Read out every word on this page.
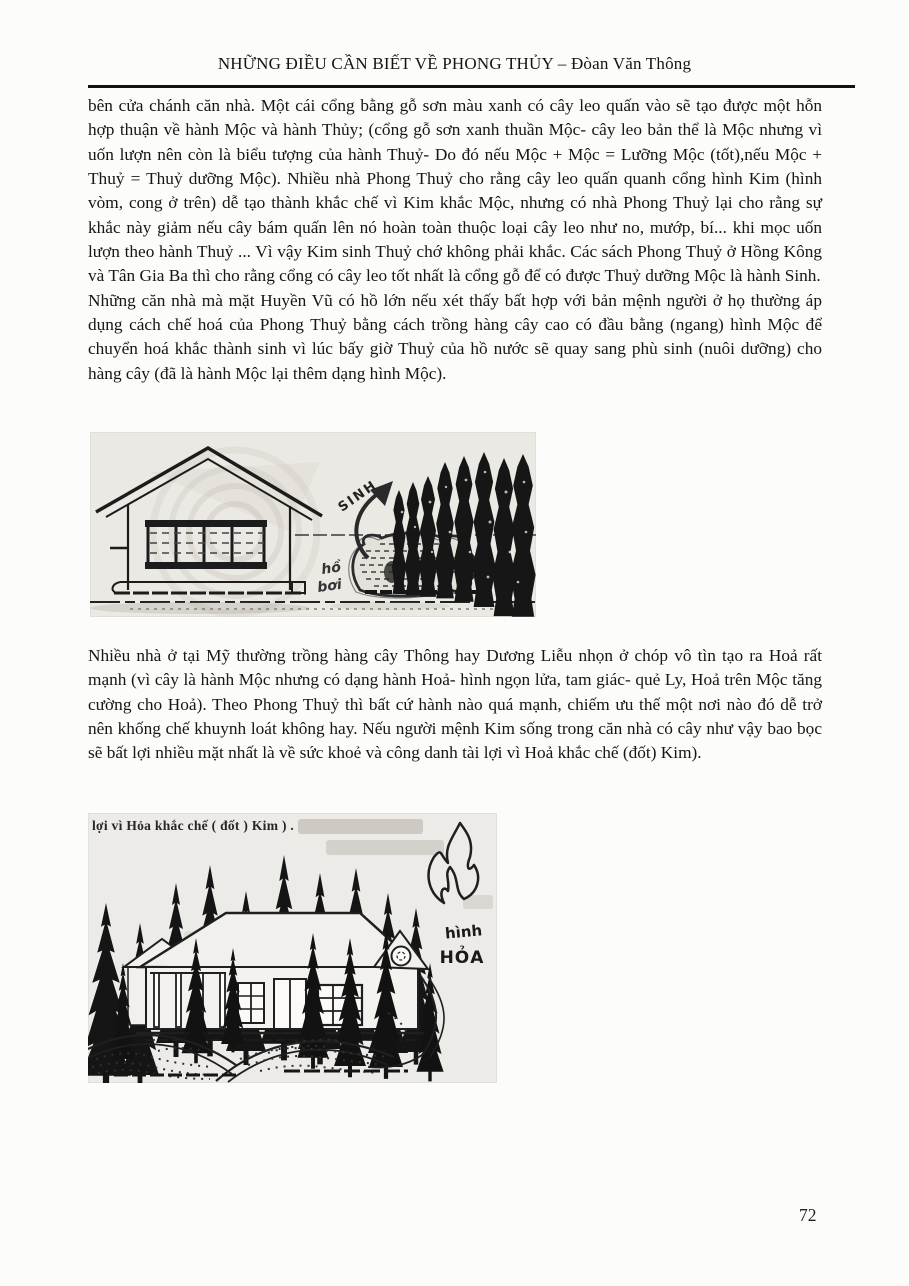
NHỮNG ĐIỀU CẦN BIẾT VỀ PHONG THỦY – Đòan Văn Thông

bên cửa chánh căn nhà. Một cái cổng bằng gỗ sơn màu xanh có cây leo quấn vào sẽ tạo được một hỗn hợp thuận về hành Mộc và hành Thủy; (cổng gỗ sơn xanh thuần Mộc- cây leo bản thể là Mộc nhưng vì uốn lượn nên còn là biểu tượng của hành Thuỷ- Do đó nếu Mộc + Mộc = Lưỡng Mộc (tốt),nếu Mộc + Thuỷ = Thuỷ dưỡng Mộc). Nhiều nhà Phong Thuỷ cho rằng cây leo quấn quanh cổng hình Kim (hình vòm, cong ở trên) dễ tạo thành khắc chế vì Kim khắc Mộc, nhưng có nhà Phong Thuỷ lại cho rằng sự khắc này giảm nếu cây bám quấn lên nó hoàn toàn thuộc loại cây leo như no, mướp, bí... khi mọc uốn lượn theo hành Thuỷ ... Vì vậy Kim sinh Thuỷ chớ không phải khắc. Các sách Phong Thuỷ ở Hồng Kông và Tân Gia Ba thì cho rằng cổng có cây leo tốt nhất là cổng gỗ để có được Thuỷ dưỡng Mộc là hành Sinh.

Những căn nhà mà mặt Huyền Vũ có hồ lớn nếu xét thấy bất hợp với bản mệnh người ở họ thường áp dụng cách chế hoá của Phong Thuỷ bằng cách trồng hàng cây cao có đầu bằng (ngang) hình Mộc để chuyển hoá khắc thành sinh vì lúc bấy giờ Thuỷ của hồ nước sẽ quay sang phù sinh (nuôi dưỡng) cho hàng cây (đã là hành Mộc lại thêm dạng hình Mộc).

SINH
hồ
bơi

Nhiều nhà ở tại Mỹ thường trồng hàng cây Thông hay Dương Liễu nhọn ở chóp vô tìn tạo ra Hoả rất mạnh (vì cây là hành Mộc nhưng có dạng hành Hoả- hình ngọn lửa, tam giác- quẻ Ly, Hoả trên Mộc tăng cường cho Hoả). Theo Phong Thuỷ thì bất cứ hành nào quá mạnh, chiếm ưu thế một nơi nào đó dễ trở nên khống chế khuynh loát không hay. Nếu người mệnh Kim sống trong căn nhà có cây như vậy bao bọc sẽ bất lợi nhiều mặt nhất là về sức khoẻ và công danh tài lợi vì Hoả khắc chế (đốt) Kim).

hình
HỎA
lợi vì Hỏa khắc chế ( đốt ) Kim ) .
72
